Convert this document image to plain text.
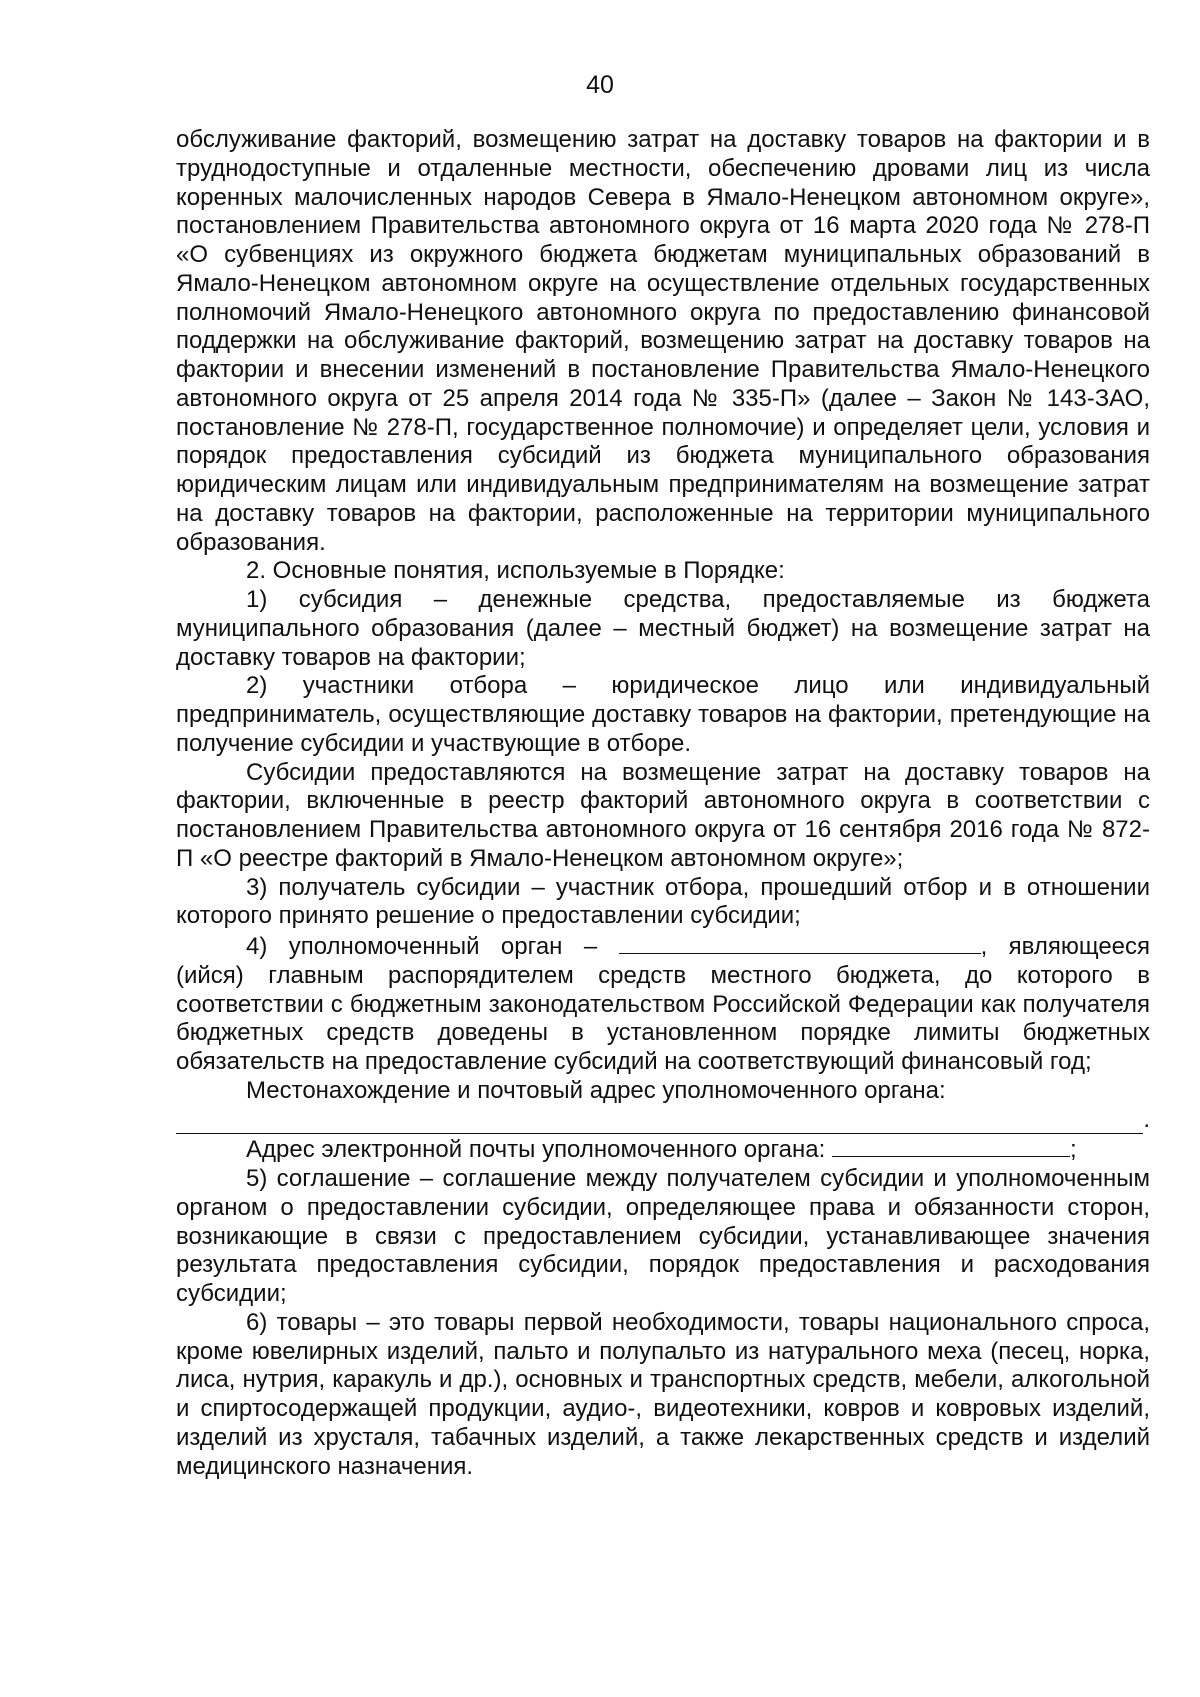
40

обслуживание факторий, возмещению затрат на доставку товаров на фактории и в труднодоступные и отдаленные местности, обеспечению дровами лиц из числа коренных малочисленных народов Севера в Ямало-Ненецком автономном округе», постановлением Правительства автономного округа от 16 марта 2020 года № 278-П «О субвенциях из окружного бюджета бюджетам муниципальных образований в Ямало-Ненецком автономном округе на осуществление отдельных государственных полномочий Ямало-Ненецкого автономного округа по предоставлению финансовой поддержки на обслуживание факторий, возмещению затрат на доставку товаров на фактории и внесении изменений в постановление Правительства Ямало-Ненецкого автономного округа от 25 апреля 2014 года № 335-П» (далее – Закон № 143-ЗАО, постановление № 278-П, государственное полномочие) и определяет цели, условия и порядок предоставления субсидий из бюджета муниципального образования юридическим лицам или индивидуальным предпринимателям на возмещение затрат на доставку товаров на фактории, расположенные на территории муниципального образования.

2. Основные понятия, используемые в Порядке:

1) субсидия – денежные средства, предоставляемые из бюджета муниципального образования (далее – местный бюджет) на возмещение затрат на доставку товаров на фактории;

2) участники отбора – юридическое лицо или индивидуальный предприниматель, осуществляющие доставку товаров на фактории, претендующие на получение субсидии и участвующие в отборе.

Субсидии предоставляются на возмещение затрат на доставку товаров на фактории, включенные в реестр факторий автономного округа в соответствии с постановлением Правительства автономного округа от 16 сентября 2016 года № 872-П «О реестре факторий в Ямало-Ненецком автономном округе»;

3) получатель субсидии – участник отбора, прошедший отбор и в отношении которого принято решение о предоставлении субсидии;

4) уполномоченный орган –	, являющееся (ийся) главным распорядителем средств местного бюджета, до которого в соответствии с бюджетным законодательством Российской Федерации как получателя бюджетных средств доведены в установленном порядке лимиты бюджетных обязательств на предоставление субсидий на соответствующий финансовый год;

Местонахождение и почтовый адрес уполномоченного органа:

.

Адрес электронной почты уполномоченного органа:	;

5) соглашение – соглашение между получателем субсидии и уполномоченным органом о предоставлении субсидии, определяющее права и обязанности сторон, возникающие в связи с предоставлением субсидии, устанавливающее значения результата предоставления субсидии, порядок предоставления и расходования субсидии;

6) товары – это товары первой необходимости, товары национального спроса, кроме ювелирных изделий, пальто и полупальто из натурального меха (песец, норка, лиса, нутрия, каракуль и др.), основных и транспортных средств, мебели, алкогольной и спиртосодержащей продукции, аудио-, видеотехники, ковров и ковровых изделий, изделий из хрусталя, табачных изделий, а также лекарственных средств и изделий медицинского назначения.
